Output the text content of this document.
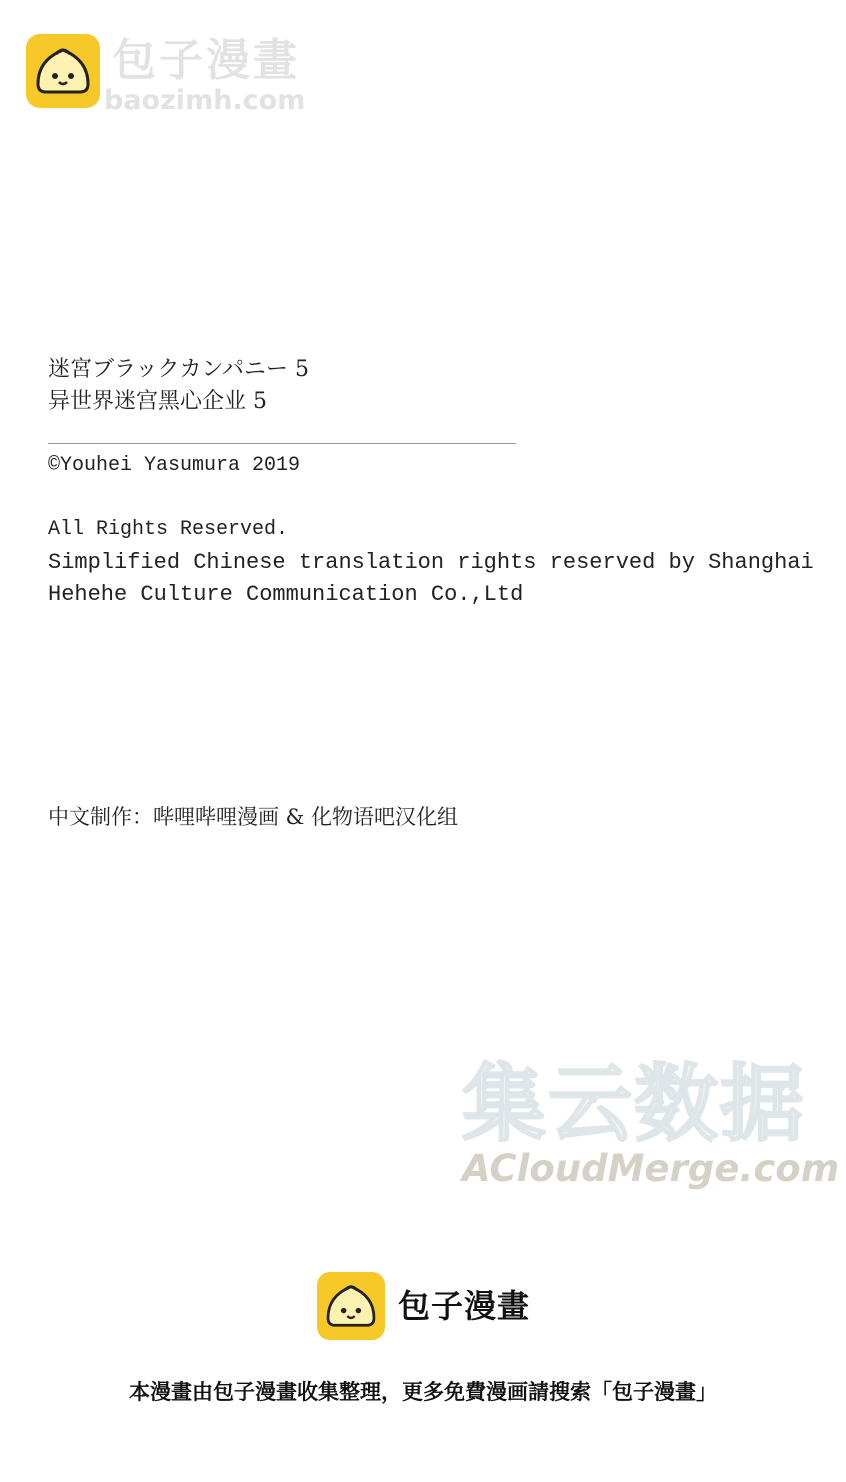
包子漫畫
baozimh.com
迷宮ブラックカンパニー 5
异世界迷宫黑心企业 5
©Youhei Yasumura 2019
All Rights Reserved.
Simplified Chinese translation rights reserved by Shanghai
Hehehe Culture Communication Co.,Ltd
中文制作：哔哩哔哩漫画 & 化物语吧汉化组
集云数据
ACloudMerge.com
包子漫畫
本漫畫由包子漫畫收集整理，更多免費漫画請搜索「包子漫畫」
